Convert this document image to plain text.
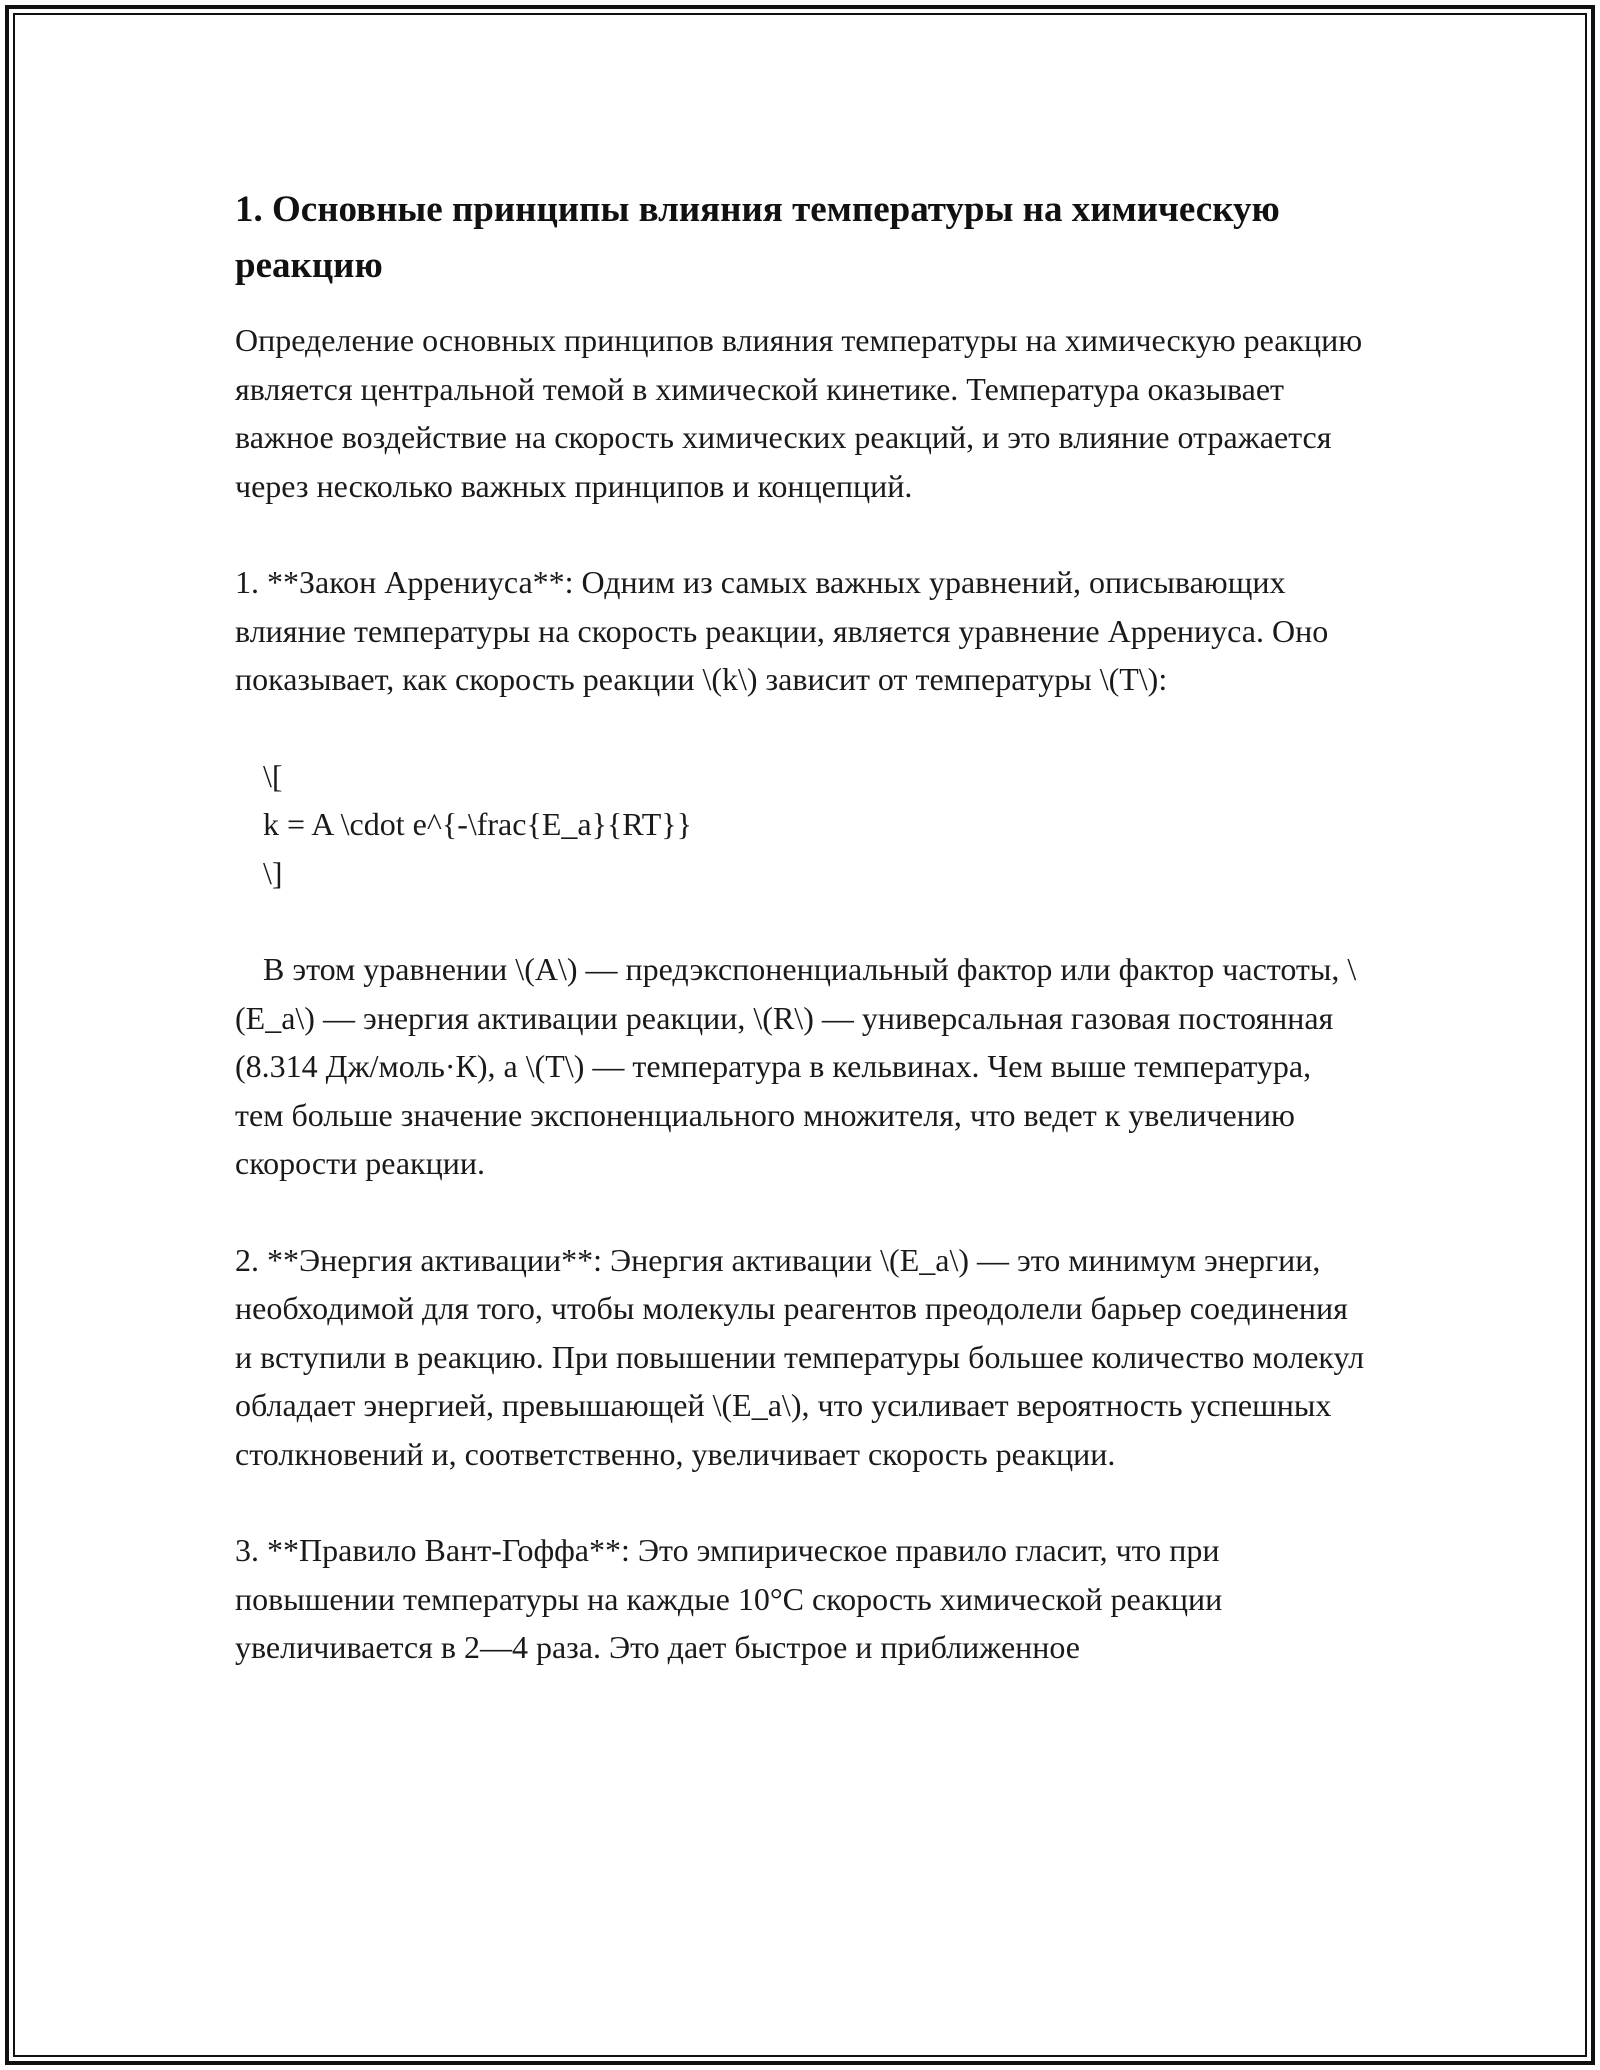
1. Основные принципы влияния температуры на химическую реакцию

Определение основных принципов влияния температуры на химическую реакцию является центральной темой в химической кинетике. Температура оказывает важное воздействие на скорость химических реакций, и это влияние отражается через несколько важных принципов и концепций.

1. **Закон Аррениуса**: Одним из самых важных уравнений, описывающих влияние температуры на скорость реакции, является уравнение Аррениуса. Оно показывает, как скорость реакции \(k\) зависит от температуры \(T\):

\[
k = A \cdot e^{-\frac{E_a}{RT}}
\]

В этом уравнении \(A\) — предэкспоненциальный фактор или фактор частоты, \(E_a\) — энергия активации реакции, \(R\) — универсальная газовая постоянная (8.314 Дж/моль·К), а \(T\) — температура в кельвинах. Чем выше температура, тем больше значение экспоненциального множителя, что ведет к увеличению скорости реакции.

2. **Энергия активации**: Энергия активации \(E_a\) — это минимум энергии, необходимой для того, чтобы молекулы реагентов преодолели барьер соединения и вступили в реакцию. При повышении температуры большее количество молекул обладает энергией, превышающей \(E_a\), что усиливает вероятность успешных столкновений и, соответственно, увеличивает скорость реакции.

3. **Правило Вант-Гоффа**: Это эмпирическое правило гласит, что при повышении температуры на каждые 10°C скорость химической реакции увеличивается в 2—4 раза. Это дает быстрое и приближенное
